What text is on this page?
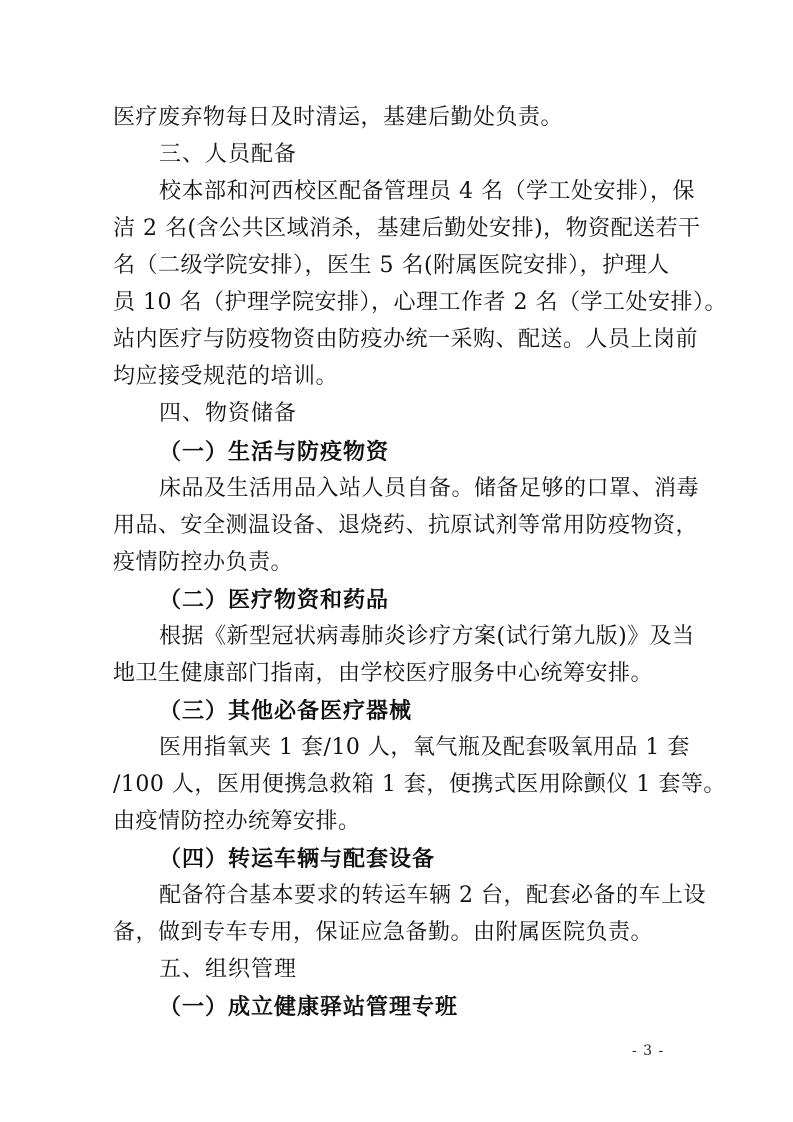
医疗废弃物每日及时清运，基建后勤处负责。
三、人员配备
校本部和河西校区配备管理员 4 名（学工处安排），保
洁 2 名(含公共区域消杀，基建后勤处安排)，物资配送若干
名（二级学院安排），医生 5 名(附属医院安排），护理人
员 10 名（护理学院安排），心理工作者 2 名（学工处安排）。
站内医疗与防疫物资由防疫办统一采购、配送。人员上岗前
均应接受规范的培训。
四、物资储备
（一）生活与防疫物资
床品及生活用品入站人员自备。储备足够的口罩、消毒
用品、安全测温设备、退烧药、抗原试剂等常用防疫物资，
疫情防控办负责。
（二）医疗物资和药品
根据《新型冠状病毒肺炎诊疗方案(试行第九版)》及当
地卫生健康部门指南，由学校医疗服务中心统筹安排。
（三）其他必备医疗器械
医用指氧夹 1 套/10 人，氧气瓶及配套吸氧用品 1 套
/100 人，医用便携急救箱 1 套，便携式医用除颤仪 1 套等。
由疫情防控办统筹安排。
（四）转运车辆与配套设备
配备符合基本要求的转运车辆 2 台，配套必备的车上设
备，做到专车专用，保证应急备勤。由附属医院负责。
五、组织管理
（一）成立健康驿站管理专班
- 3 -
